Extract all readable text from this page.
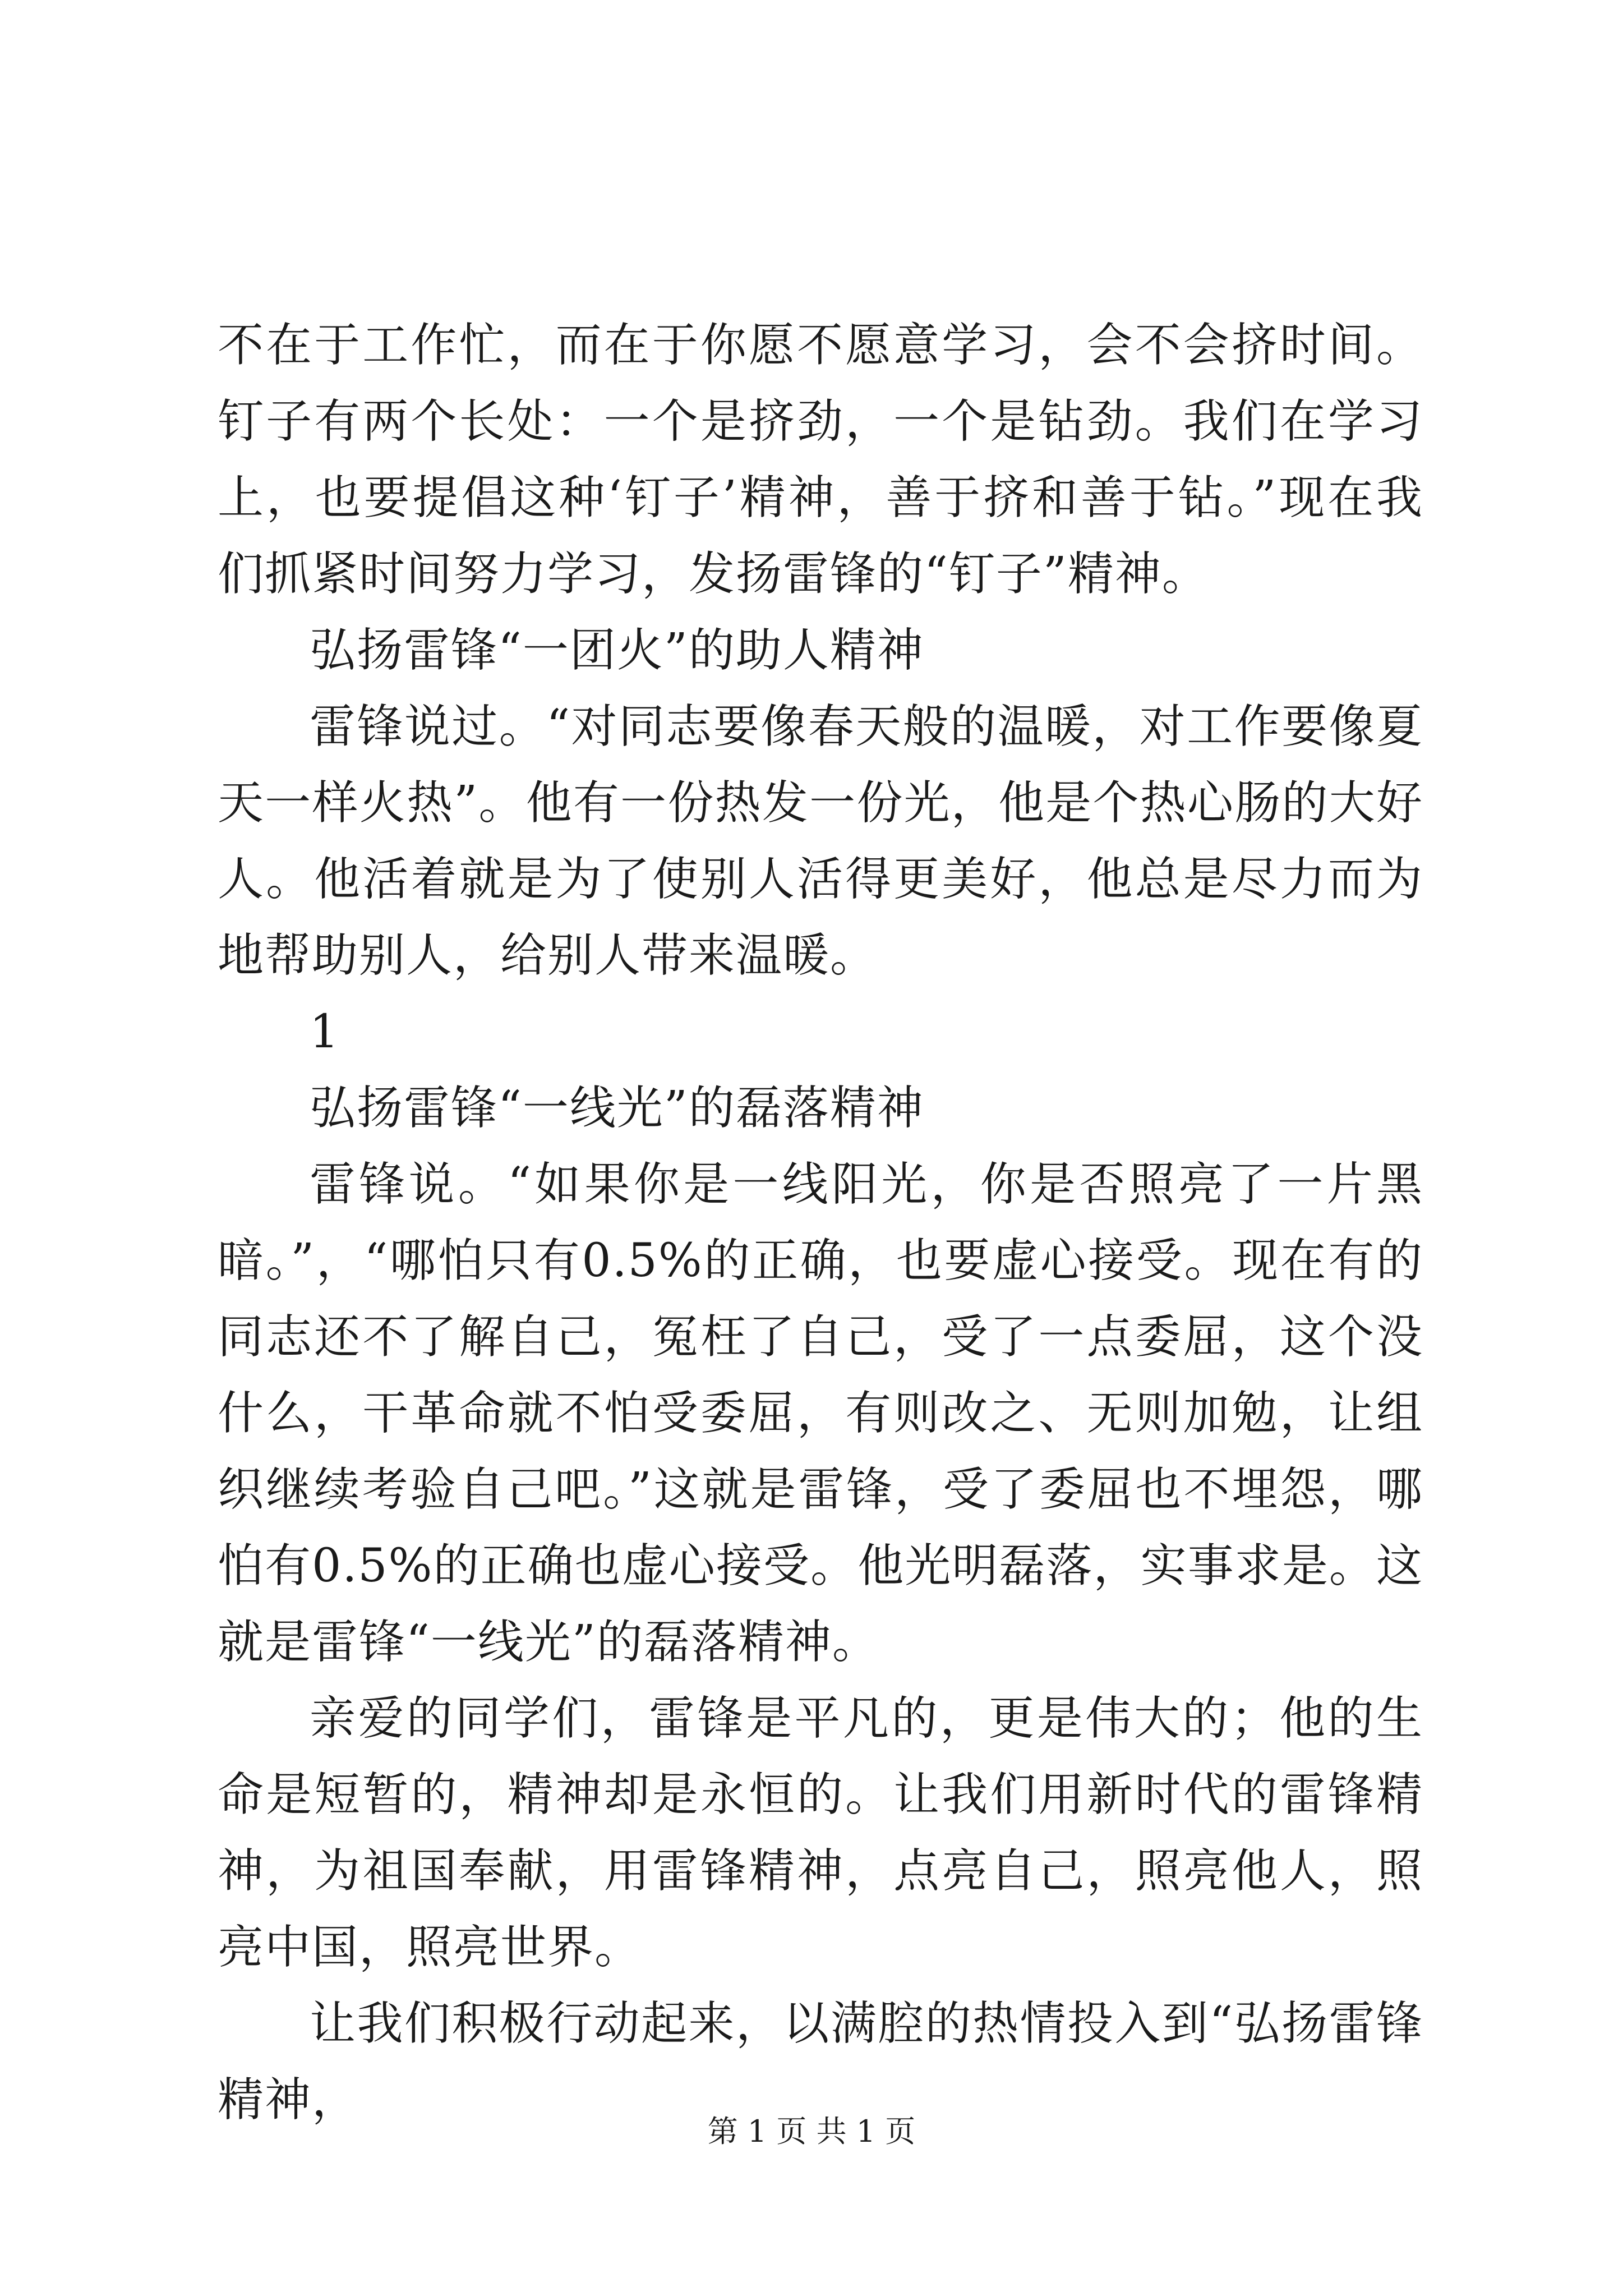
不在于工作忙，而在于你愿不愿意学习，会不会挤时间。钉子有两个长处：一个是挤劲，一个是钻劲。我们在学习上，也要提倡这种‘钉子’精神，善于挤和善于钻。”现在我们抓紧时间努力学习，发扬雷锋的“钉子”精神。

弘扬雷锋“一团火”的助人精神

雷锋说过。“对同志要像春天般的温暖，对工作要像夏天一样火热”。他有一份热发一份光，他是个热心肠的大好人。他活着就是为了使别人活得更美好，他总是尽力而为地帮助别人，给别人带来温暖。

1

弘扬雷锋“一线光”的磊落精神

雷锋说。“如果你是一线阳光，你是否照亮了一片黑暗。”，“哪怕只有0.5%的正确，也要虚心接受。现在有的同志还不了解自己，冤枉了自己，受了一点委屈，这个没什么，干革命就不怕受委屈，有则改之、无则加勉，让组织继续考验自己吧。”这就是雷锋，受了委屈也不埋怨，哪怕有0.5%的正确也虚心接受。他光明磊落，实事求是。这就是雷锋“一线光”的磊落精神。

亲爱的同学们，雷锋是平凡的，更是伟大的；他的生命是短暂的，精神却是永恒的。让我们用新时代的雷锋精神，为祖国奉献，用雷锋精神，点亮自己，照亮他人，照亮中国，照亮世界。

让我们积极行动起来，以满腔的热情投入到“弘扬雷锋精神，

第 1 页 共 1 页
